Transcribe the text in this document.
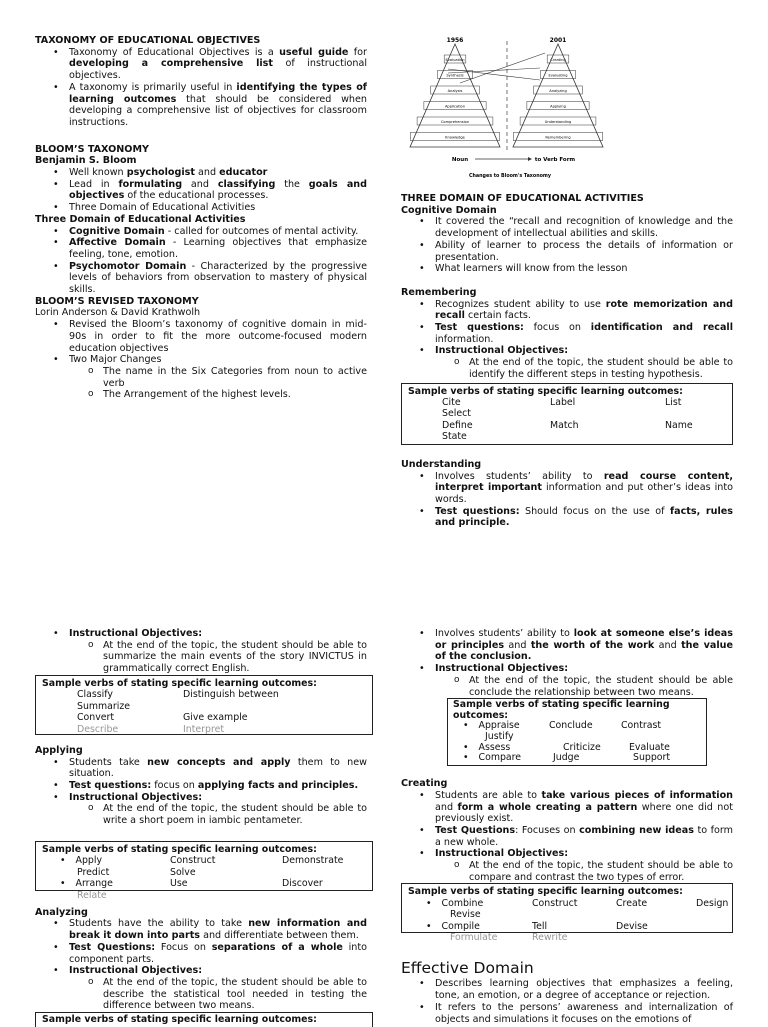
TAXONOMY OF EDUCATIONAL OBJECTIVES

• Taxonomy of Educational Objectives is a useful guide for developing a comprehensive list of instructional objectives.
• A taxonomy is primarily useful in identifying the types of learning outcomes that should be considered when developing a comprehensive list of objectives for classroom instructions.

BLOOM’S TAXONOMY

Benjamin S. Bloom

• Well known psychologist and educator
• Lead in formulating and classifying the goals and objectives of the educational processes.
• Three Domain of Educational Activities

Three Domain of Educational Activities

• Cognitive Domain - called for outcomes of mental activity.
• Affective Domain - Learning objectives that emphasize feeling, tone, emotion.
• Psychomotor Domain - Characterized by the progressive levels of behaviors from observation to mastery of physical skills.

BLOOM’S REVISED TAXONOMY

Lorin Anderson & David Krathwolh

• Revised the Bloom’s taxonomy of cognitive domain in mid-90s in order to fit the more outcome-focused modern education objectives
• Two Major Changes
o The name in the Six Categories from noun to active verb
o The Arrangement of the highest levels.
1956	2001
Evaluation
Synthesis
Analysis
Application
Comprehension
Knowledge
Creating
Evaluating
Analyzing
Applying
Understanding
Remembering
Noun	to Verb Form
Changes to Bloom's Taxonomy

THREE DOMAIN OF EDUCATIONAL ACTIVITIES

Cognitive Domain

• It covered the “recall and recognition of knowledge and the development of intellectual abilities and skills.
• Ability of learner to process the details of information or presentation.
• What learners will know from the lesson

Remembering

• Recognizes student ability to use rote memorization and recall certain facts.
• Test questions: focus on identification and recall information.
• Instructional Objectives:
o At the end of the topic, the student should be able to identify the different steps in testing hypothesis.
Sample verbs of stating specific learning outcomes:
Cite	Label	List
Select
Define	Match	Name
State

Understanding

• Involves students’ ability to read course content, interpret important information and put other’s ideas into words.
• Test questions: Should focus on the use of facts, rules and principle.
• Instructional Objectives:
o At the end of the topic, the student should be able to summarize the main events of the story INVICTUS in grammatically correct English.
Sample verbs of stating specific learning outcomes:
Classify	Distinguish between
Summarize
Convert	Give example
Describe	Interpret

Applying

• Students take new concepts and apply them to new situation.
• Test questions: focus on applying facts and principles.
• Instructional Objectives:
o At the end of the topic, the student should be able to write a short poem in iambic pentameter.
Sample verbs of stating specific learning outcomes:
• Apply	Construct	Demonstrate
Predict	Solve
• Arrange	Use	Discover
Relate

Analyzing

• Students have the ability to take new information and break it down into parts and differentiate between them.
• Test Questions: Focus on separations of a whole into component parts.
• Instructional Objectives:
o At the end of the topic, the student should be able to describe the statistical tool needed in testing the difference between two means.
Sample verbs of stating specific learning outcomes:
• Involves students’ ability to look at someone else’s ideas or principles and the worth of the work and the value of the conclusion.
• Instructional Objectives:
o At the end of the topic, the student should be able conclude the relationship between two means.
Sample verbs of stating specific learning outcomes:
• Appraise	Conclude	Contrast
Justify
• Assess	Criticize	Evaluate
• Compare	Judge	Support

Creating

• Students are able to take various pieces of information and form a whole creating a pattern where one did not previously exist.
• Test Questions: Focuses on combining new ideas to form a new whole.
• Instructional Objectives:
o At the end of the topic, the student should be able to compare and contrast the two types of error.
Sample verbs of stating specific learning outcomes:
• Combine	Construct	Create	Design
Revise
• Compile	Tell	Devise
Formulate	Rewrite

Effective Domain

• Describes learning objectives that emphasizes a feeling, tone, an emotion, or a degree of acceptance or rejection.
• It refers to the persons’ awareness and internalization of objects and simulations it focuses on the emotions of
